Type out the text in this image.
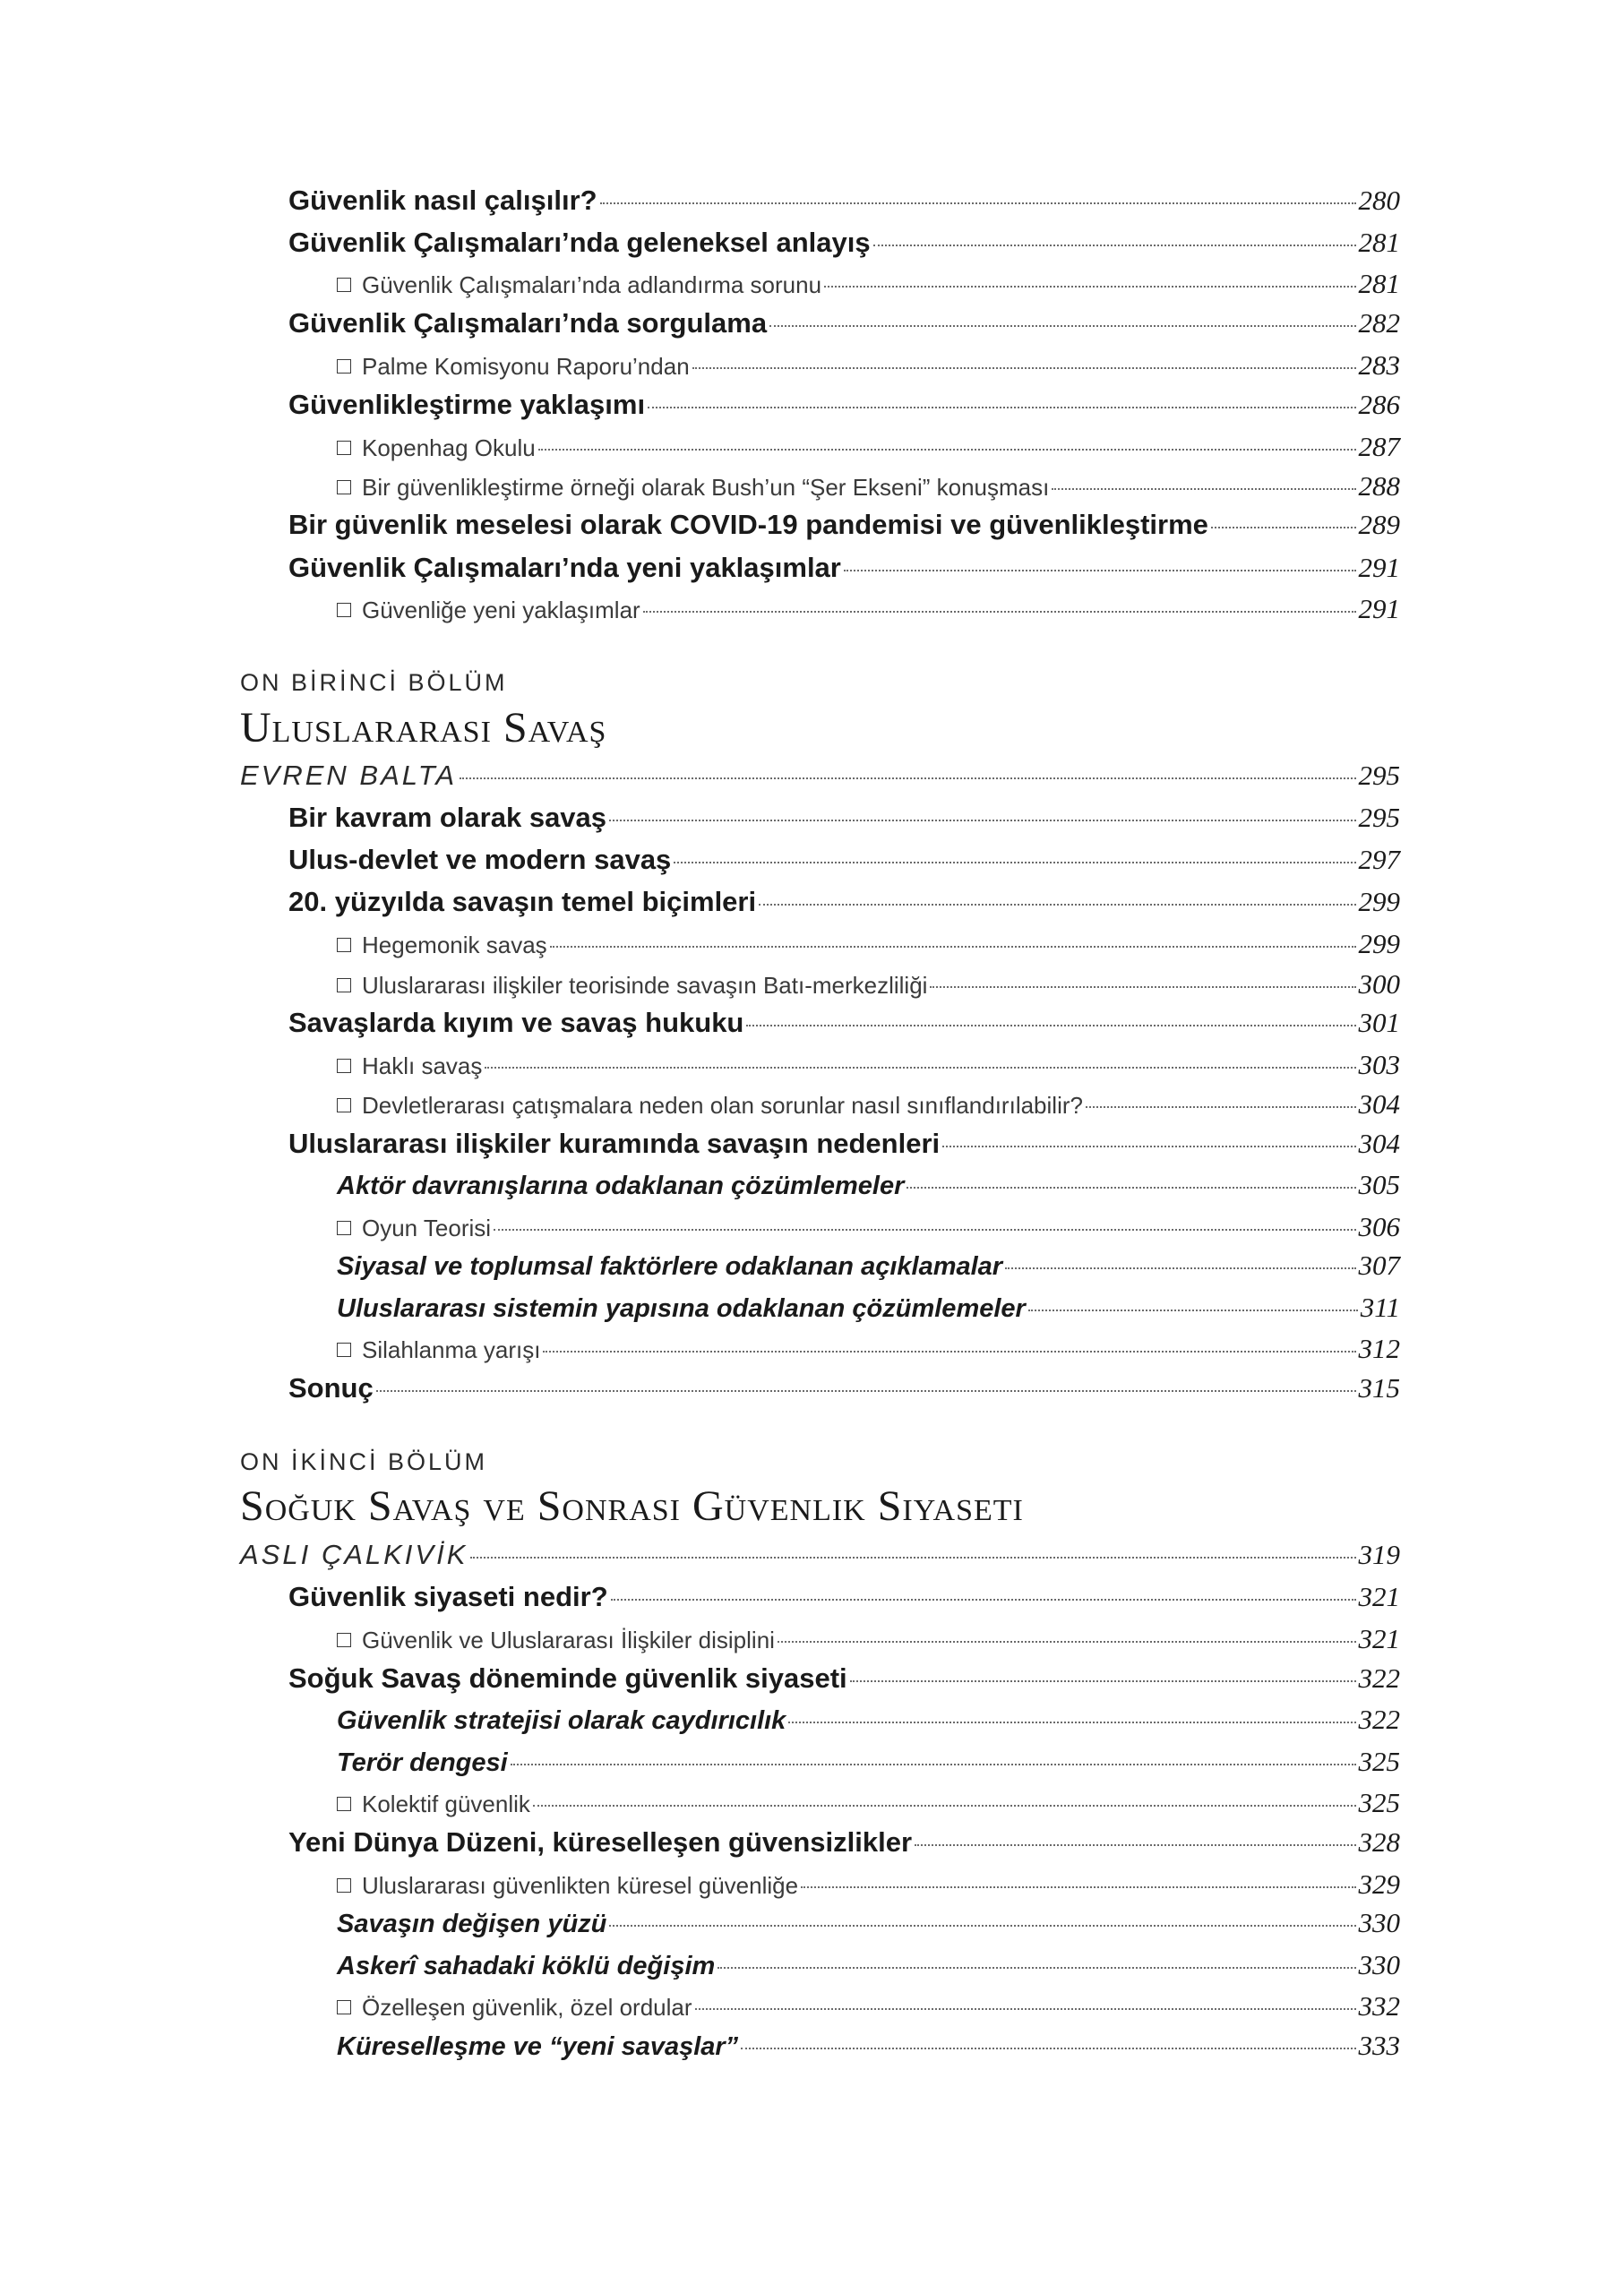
Güvenlik nasıl çalışılır?	280
Güvenlik Çalışmaları’nda geleneksel anlayış	281
Güvenlik Çalışmaları’nda adlandırma sorunu	281
Güvenlik Çalışmaları’nda sorgulama	282
Palme Komisyonu Raporu’ndan	283
Güvenlikleştirme yaklaşımı	286
Kopenhag Okulu	287
Bir güvenlikleştirme örneği olarak Bush’un “Şer Ekseni” konuşması	288
Bir güvenlik meselesi olarak COVID-19 pandemisi ve güvenlikleştirme	289
Güvenlik Çalışmaları’nda yeni yaklaşımlar	291
Güvenliğe yeni yaklaşımlar	291
ON BİRİNCİ BÖLÜM
Uluslararası Savaş
EVREN BALTA	295
Bir kavram olarak savaş	295
Ulus-devlet ve modern savaş	297
20. yüzyılda savaşın temel biçimleri	299
Hegemonik savaş	299
Uluslararası ilişkiler teorisinde savaşın Batı-merkezliliği	300
Savaşlarda kıyım ve savaş hukuku	301
Haklı savaş	303
Devletlerarası çatışmalara neden olan sorunlar nasıl sınıflandırılabilir?	304
Uluslararası ilişkiler kuramında savaşın nedenleri	304
Aktör davranışlarına odaklanan çözümlemeler	305
Oyun Teorisi	306
Siyasal ve toplumsal faktörlere odaklanan açıklamalar	307
Uluslararası sistemin yapısına odaklanan çözümlemeler	311
Silahlanma yarışı	312
Sonuç	315
ON İKİNCİ BÖLÜM
Soğuk Savaş ve Sonrası Güvenlik Siyaseti
ASLI ÇALKIVİK	319
Güvenlik siyaseti nedir?	321
Güvenlik ve Uluslararası İlişkiler disiplini	321
Soğuk Savaş döneminde güvenlik siyaseti	322
Güvenlik stratejisi olarak caydırıcılık	322
Terör dengesi	325
Kolektif güvenlik	325
Yeni Dünya Düzeni, küreselleşen güvensizlikler	328
Uluslararası güvenlikten küresel güvenliğe	329
Savaşın değişen yüzü	330
Askerî sahadaki köklü değişim	330
Özelleşen güvenlik, özel ordular	332
Küreselleşme ve “yeni savaşlar”	333
